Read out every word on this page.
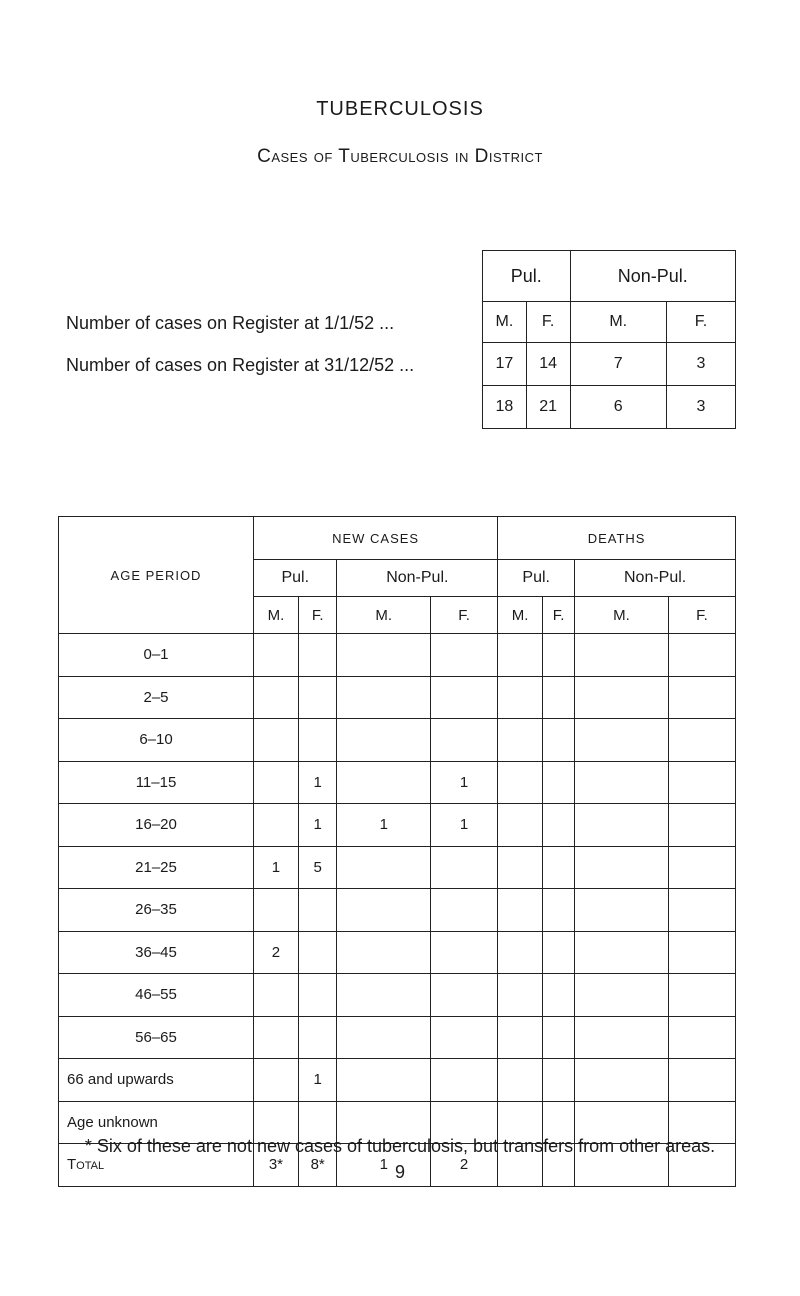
TUBERCULOSIS
Cases of Tuberculosis in District
Number of cases on Register at 1/1/52 ...
Number of cases on Register at 31/12/52 ...
Pul.		Non-Pul.	
M.	F.	M.	F.
17	14	7	3
18	21	6	3
AGE PERIOD	NEW CASES				DEATHS			
	Pul.		Non-Pul.		Pul.		Non-Pul.	
	M.	F.	M.	F.	M.	F.	M.	F.
0–1								
2–5								
6–10								
11–15		1		1				
16–20		1	1	1				
21–25	1	5						
26–35								
36–45	2							
46–55								
56–65								
66 and upwards		1						
Age unknown								
Total	3*	8*	1	2				
* Six of these are not new cases of tuberculosis, but transfers from other areas.
9
